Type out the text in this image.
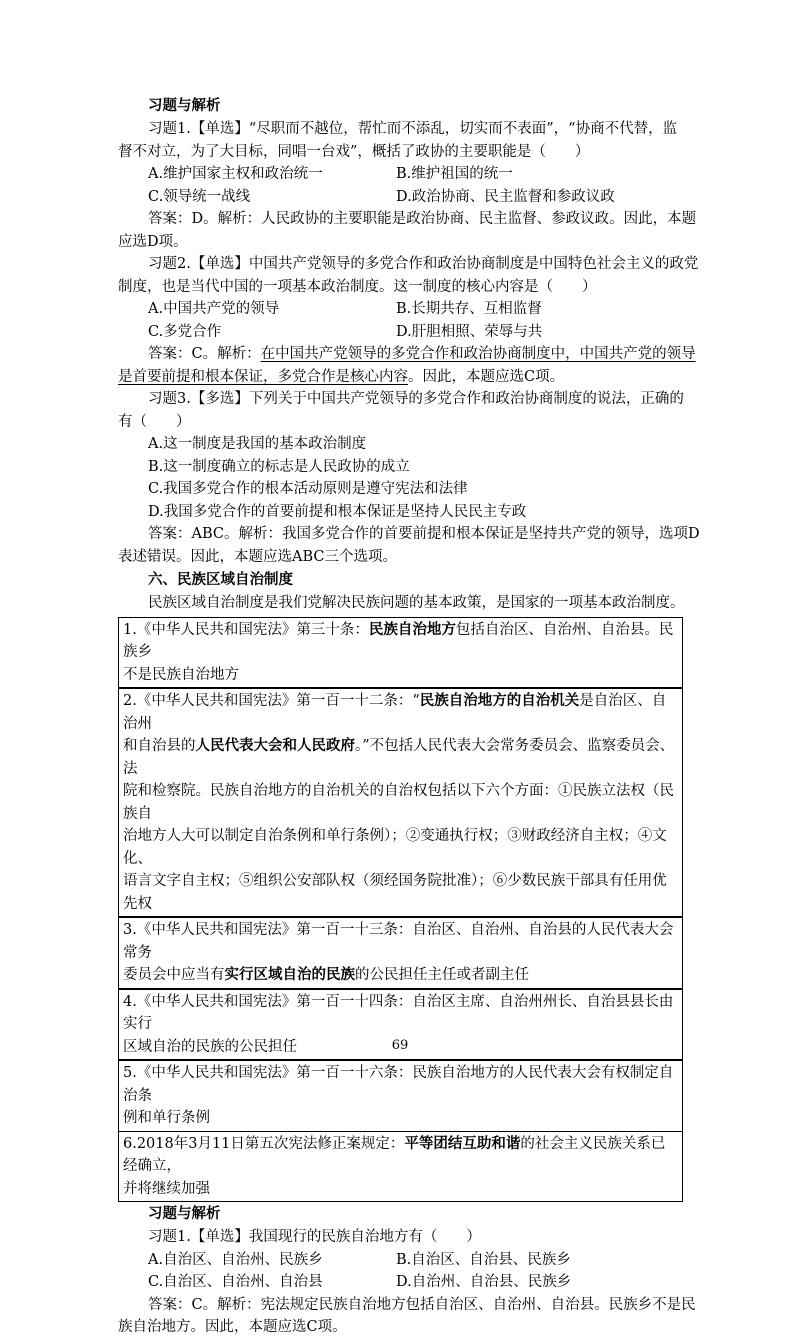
习题与解析
习题1.【单选】“尽职而不越位，帮忙而不添乱，切实而不表面”，“协商不代替，监
督不对立，为了大目标，同唱一台戏”，概括了政协的主要职能是（　　）
A.维护国家主权和政治统一	B.维护祖国的统一
C.领导统一战线	D.政治协商、民主监督和参政议政
答案：D。解析：人民政协的主要职能是政治协商、民主监督、参政议政。因此，本题
应选D项。
习题2.【单选】中国共产党领导的多党合作和政治协商制度是中国特色社会主义的政党
制度，也是当代中国的一项基本政治制度。这一制度的核心内容是（　　）
A.中国共产党的领导	B.长期共存、互相监督
C.多党合作	D.肝胆相照、荣辱与共
答案：C。解析：在中国共产党领导的多党合作和政治协商制度中，中国共产党的领导
是首要前提和根本保证，多党合作是核心内容。因此，本题应选C项。
习题3.【多选】下列关于中国共产党领导的多党合作和政治协商制度的说法，正确的
有（　　）
A.这一制度是我国的基本政治制度
B.这一制度确立的标志是人民政协的成立
C.我国多党合作的根本活动原则是遵守宪法和法律
D.我国多党合作的首要前提和根本保证是坚持人民民主专政
答案：ABC。解析：我国多党合作的首要前提和根本保证是坚持共产党的领导，选项D
表述错误。因此，本题应选ABC三个选项。
六、民族区域自治制度
民族区域自治制度是我们党解决民族问题的基本政策，是国家的一项基本政治制度。
1.《中华人民共和国宪法》第三十条：民族自治地方包括自治区、自治州、自治县。民族乡
不是民族自治地方
2.《中华人民共和国宪法》第一百一十二条：“民族自治地方的自治机关是自治区、自治州
和自治县的人民代表大会和人民政府。”不包括人民代表大会常务委员会、监察委员会、法
院和检察院。民族自治地方的自治机关的自治权包括以下六个方面：①民族立法权（民族自
治地方人大可以制定自治条例和单行条例）；②变通执行权；③财政经济自主权；④文化、
语言文字自主权；⑤组织公安部队权（须经国务院批准）；⑥少数民族干部具有任用优先权
3.《中华人民共和国宪法》第一百一十三条：自治区、自治州、自治县的人民代表大会常务
委员会中应当有实行区域自治的民族的公民担任主任或者副主任
4.《中华人民共和国宪法》第一百一十四条：自治区主席、自治州州长、自治县县长由实行
区域自治的民族的公民担任
5.《中华人民共和国宪法》第一百一十六条：民族自治地方的人民代表大会有权制定自治条
例和单行条例
6.2018年3月11日第五次宪法修正案规定：平等团结互助和谐的社会主义民族关系已经确立，
并将继续加强
习题与解析
习题1.【单选】我国现行的民族自治地方有（　　）
A.自治区、自治州、民族乡	B.自治区、自治县、民族乡
C.自治区、自治州、自治县	D.自治州、自治县、民族乡
答案：C。解析：宪法规定民族自治地方包括自治区、自治州、自治县。民族乡不是民
族自治地方。因此，本题应选C项。
69
